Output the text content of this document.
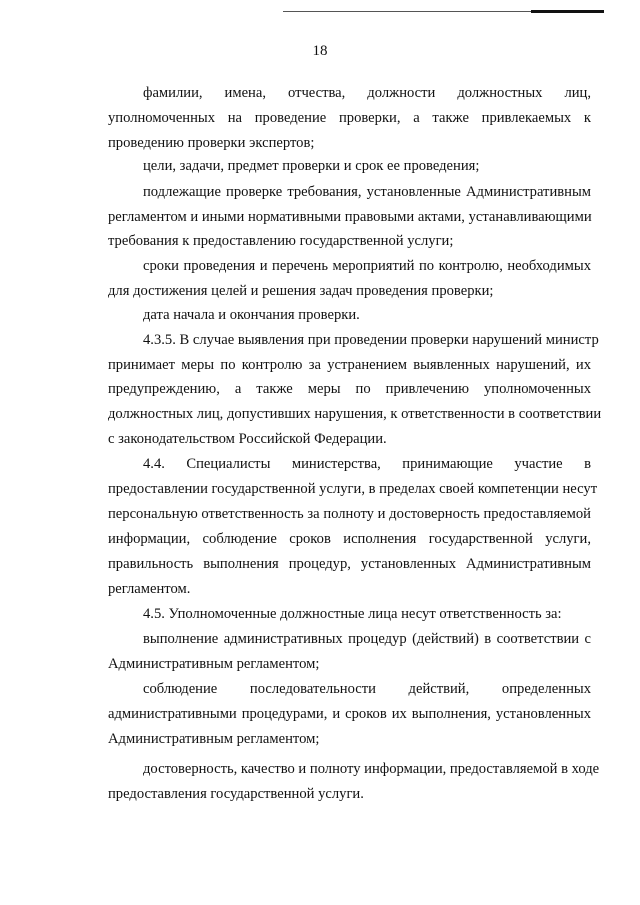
18
фамилии, имена, отчества, должности должностных лиц,
уполномоченных на проведение проверки, а также привлекаемых к
проведению проверки экспертов;
цели, задачи, предмет проверки и срок ее проведения;
подлежащие проверке требования, установленные Административным
регламентом и иными нормативными правовыми актами, устанавливающими
требования к предоставлению государственной услуги;
сроки проведения и перечень мероприятий по контролю, необходимых
для достижения целей и решения задач проведения проверки;
дата начала и окончания проверки.
4.3.5. В случае выявления при проведении проверки нарушений министр
принимает меры по контролю за устранением выявленных нарушений, их
предупреждению, а также меры по привлечению уполномоченных
должностных лиц, допустивших нарушения, к ответственности в соответствии
с законодательством Российской Федерации.
4.4. Специалисты министерства, принимающие участие в
предоставлении государственной услуги, в пределах своей компетенции несут
персональную ответственность за полноту и достоверность предоставляемой
информации, соблюдение сроков исполнения государственной услуги,
правильность выполнения процедур, установленных Административным
регламентом.
4.5. Уполномоченные должностные лица несут ответственность за:
выполнение административных процедур (действий) в соответствии с
Административным регламентом;
соблюдение последовательности действий, определенных
административными процедурами, и сроков их выполнения, установленных
Административным регламентом;
достоверность, качество и полноту информации, предоставляемой в ходе
предоставления государственной услуги.
